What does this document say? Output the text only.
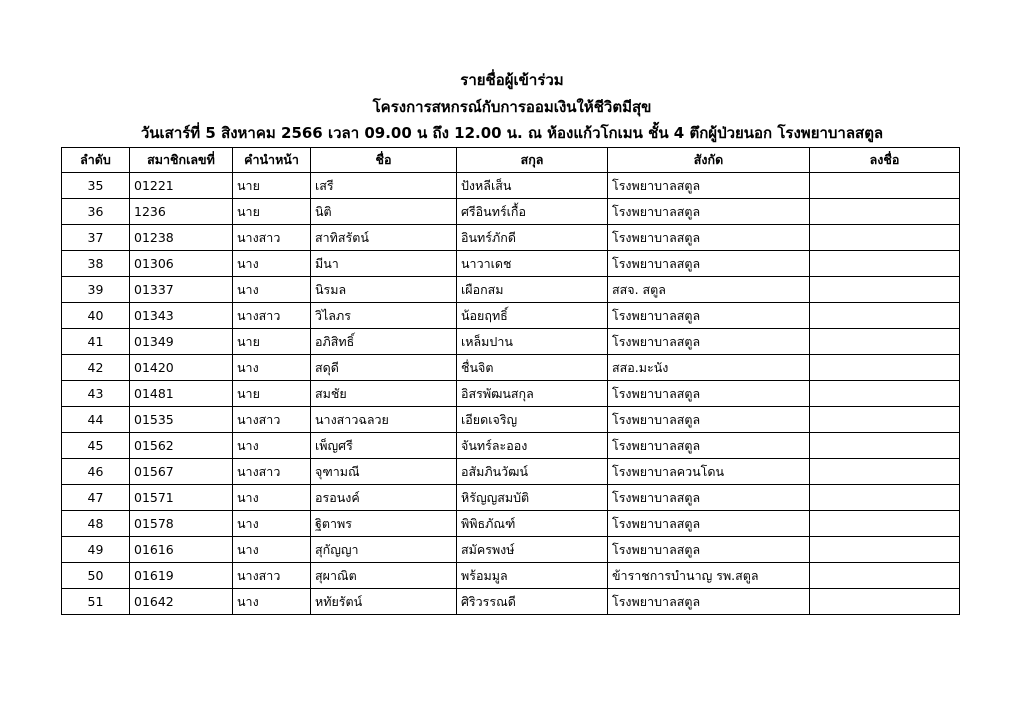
รายชื่อผู้เข้าร่วม
โครงการสหกรณ์กับการออมเงินให้ชีวิตมีสุข
วันเสาร์ที่ 5 สิงหาคม 2566 เวลา 09.00 น ถึง 12.00 น. ณ ห้องแก้วโกเมน ชั้น 4 ตึกผู้ป่วยนอก โรงพยาบาลสตูล
ลำดับ	สมาชิกเลขที่	คำนำหน้า	ชื่อ	สกุล	สังกัด	ลงชื่อ
35	01221	นาย	เสรี	ปังหลีเส็น	โรงพยาบาลสตูล	
36	1236	นาย	นิติ	ศรีอินทร์เกื้อ	โรงพยาบาลสตูล	
37	01238	นางสาว	สาทิสรัตน์	อินทร์ภักดี	โรงพยาบาลสตูล	
38	01306	นาง	มีนา	นาวาเดช	โรงพยาบาลสตูล	
39	01337	นาง	นิรมล	เผือกสม	สสจ. สตูล	
40	01343	นางสาว	วิไลภร	น้อยฤทธิ์	โรงพยาบาลสตูล	
41	01349	นาย	อภิสิทธิ์	เหล็มปาน	โรงพยาบาลสตูล	
42	01420	นาง	สดุดี	ชื่นจิต	สสอ.มะนัง	
43	01481	นาย	สมชัย	อิสรพัฒนสกุล	โรงพยาบาลสตูล	
44	01535	นางสาว	นางสาวฉลวย	เอียดเจริญ	โรงพยาบาลสตูล	
45	01562	นาง	เพ็ญศรี	จันทร์ละออง	โรงพยาบาลสตูล	
46	01567	นางสาว	จุฑามณี	อสัมภินวัฒน์	โรงพยาบาลควนโดน	
47	01571	นาง	อรอนงค์	หิรัญญสมบัติ	โรงพยาบาลสตูล	
48	01578	นาง	ฐิตาพร	พิพิธภัณฑ์	โรงพยาบาลสตูล	
49	01616	นาง	สุกัญญา	สมัครพงษ์	โรงพยาบาลสตูล	
50	01619	นางสาว	สุผาณิต	พร้อมมูล	ข้าราชการบำนาญ รพ.สตูล	
51	01642	นาง	หทัยรัตน์	ศิริวรรณดี	โรงพยาบาลสตูล	
